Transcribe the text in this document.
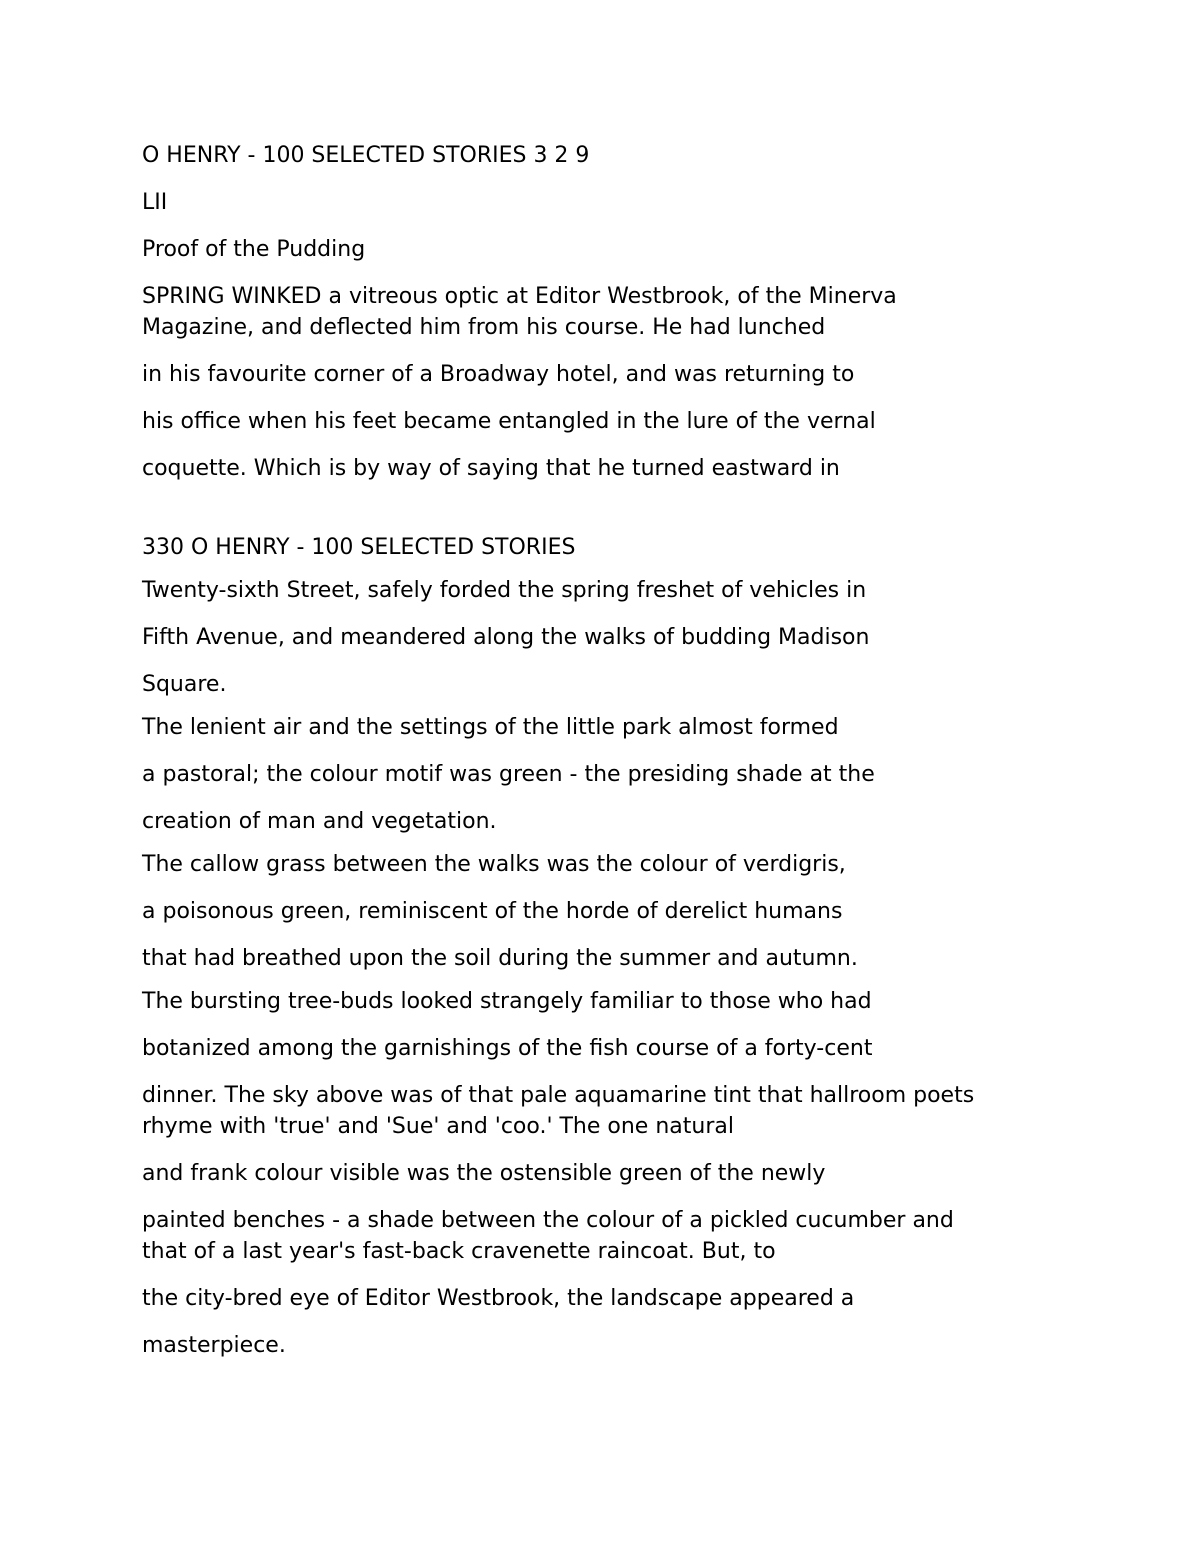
O HENRY - 100 SELECTED STORIES 3 2 9

LII

Proof of the Pudding

SPRING WINKED a vitreous optic at Editor Westbrook, of the Minerva
Magazine, and deflected him from his course. He had lunched

in his favourite corner of a Broadway hotel, and was returning to

his office when his feet became entangled in the lure of the vernal

coquette. Which is by way of saying that he turned eastward in

330 O HENRY - 100 SELECTED STORIES

Twenty-sixth Street, safely forded the spring freshet of vehicles in

Fifth Avenue, and meandered along the walks of budding Madison

Square.

The lenient air and the settings of the little park almost formed

a pastoral; the colour motif was green - the presiding shade at the

creation of man and vegetation.

The callow grass between the walks was the colour of verdigris,

a poisonous green, reminiscent of the horde of derelict humans

that had breathed upon the soil during the summer and autumn.

The bursting tree-buds looked strangely familiar to those who had

botanized among the garnishings of the fish course of a forty-cent

dinner. The sky above was of that pale aquamarine tint that hallroom poets
rhyme with 'true' and 'Sue' and 'coo.' The one natural

and frank colour visible was the ostensible green of the newly

painted benches - a shade between the colour of a pickled cucumber and
that of a last year's fast-back cravenette raincoat. But, to

the city-bred eye of Editor Westbrook, the landscape appeared a

masterpiece.
